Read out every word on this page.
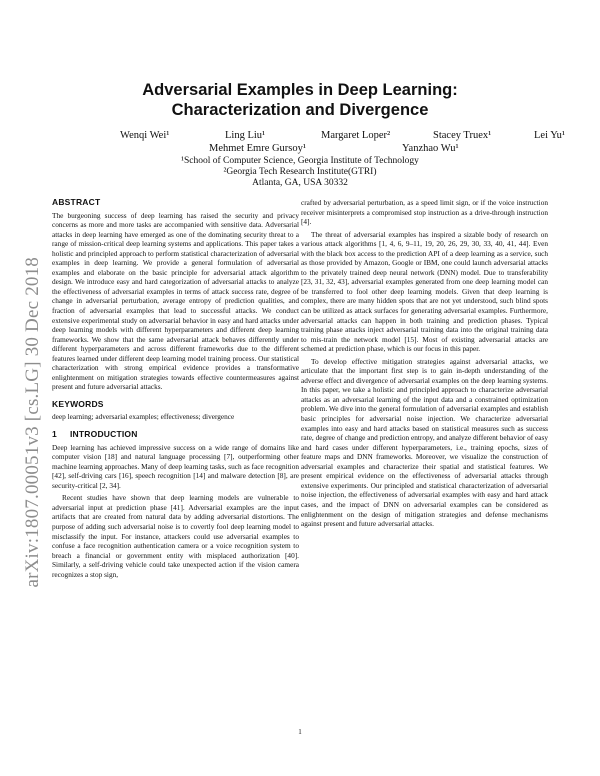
arXiv:1807.00051v3 [cs.LG] 30 Dec 2018
Adversarial Examples in Deep Learning:
Characterization and Divergence
Wenqi Wei¹	Ling Liu¹	Margaret Loper²	Stacey Truex¹	Lei Yu¹
Mehmet Emre Gursoy¹	Yanzhao Wu¹
¹School of Computer Science, Georgia Institute of Technology
²Georgia Tech Research Institute(GTRI)
Atlanta, GA, USA 30332
ABSTRACT

The burgeoning success of deep learning has raised the security and privacy concerns as more and more tasks are accompanied with sensitive data. Adversarial attacks in deep learning have emerged as one of the dominating security threat to a range of mission-critical deep learning systems and applications. This paper takes a holistic and principled approach to perform statistical characterization of adversarial examples in deep learning. We provide a general formulation of adversarial examples and elaborate on the basic principle for adversarial attack algorithm design. We introduce easy and hard categorization of adversarial attacks to analyze the effectiveness of adversarial examples in terms of attack success rate, degree of change in adversarial perturbation, average entropy of prediction qualities, and fraction of adversarial examples that lead to successful attacks. We conduct extensive experimental study on adversarial behavior in easy and hard attacks under deep learning models with different hyperparameters and different deep learning frameworks. We show that the same adversarial attack behaves differently under different hyperparameters and across different frameworks due to the different features learned under different deep learning model training process. Our statistical characterization with strong empirical evidence provides a transformative enlightenment on mitigation strategies towards effective countermeasures against present and future adversarial attacks.

KEYWORDS

deep learning; adversarial examples; effectiveness; divergence

1 INTRODUCTION

Deep learning has achieved impressive success on a wide range of domains like computer vision [18] and natural language processing [7], outperforming other machine learning approaches. Many of deep learning tasks, such as face recognition [42], self-driving cars [16], speech recognition [14] and malware detection [8], are security-critical [2, 34].

Recent studies have shown that deep learning models are vulnerable to adversarial input at prediction phase [41]. Adversarial examples are the input artifacts that are created from natural data by adding adversarial distortions. The purpose of adding such adversarial noise is to covertly fool deep learning model to misclassify the input. For instance, attackers could use adversarial examples to confuse a face recognition authentication camera or a voice recognition system to breach a financial or government entity with misplaced authorization [40]. Similarly, a self-driving vehicle could take unexpected action if the vision camera recognizes a stop sign,

crafted by adversarial perturbation, as a speed limit sign, or if the voice instruction receiver misinterprets a compromised stop instruction as a drive-through instruction [4].

The threat of adversarial examples has inspired a sizable body of research on various attack algorithms [1, 4, 6, 9–11, 19, 20, 26, 29, 30, 33, 40, 41, 44]. Even with the black box access to the prediction API of a deep learning as a service, such as those provided by Amazon, Google or IBM, one could launch adversarial attacks to the privately trained deep neural network (DNN) model. Due to transferability [23, 31, 32, 43], adversarial examples generated from one deep learning model can be transferred to fool other deep learning models. Given that deep learning is complex, there are many hidden spots that are not yet understood, such blind spots can be utilized as attack surfaces for generating adversarial examples. Furthermore, adversarial attacks can happen in both training and prediction phases. Typical training phase attacks inject adversarial training data into the original training data to mis-train the network model [15]. Most of existing adversarial attacks are schemed at prediction phase, which is our focus in this paper.

To develop effective mitigation strategies against adversarial attacks, we articulate that the important first step is to gain in-depth understanding of the adverse effect and divergence of adversarial examples on the deep learning systems. In this paper, we take a holistic and principled approach to characterize adversarial attacks as an adversarial learning of the input data and a constrained optimization problem. We dive into the general formulation of adversarial examples and establish basic principles for adversarial noise injection. We characterize adversarial examples into easy and hard attacks based on statistical measures such as success rate, degree of change and prediction entropy, and analyze different behavior of easy and hard cases under different hyperparameters, i.e., training epochs, sizes of feature maps and DNN frameworks. Moreover, we visualize the construction of adversarial examples and characterize their spatial and statistical features. We present empirical evidence on the effectiveness of adversarial attacks through extensive experiments. Our principled and statistical characterization of adversarial noise injection, the effectiveness of adversarial examples with easy and hard attack cases, and the impact of DNN on adversarial examples can be considered as enlightenment on the design of mitigation strategies and defense mechanisms against present and future adversarial attacks.

1
